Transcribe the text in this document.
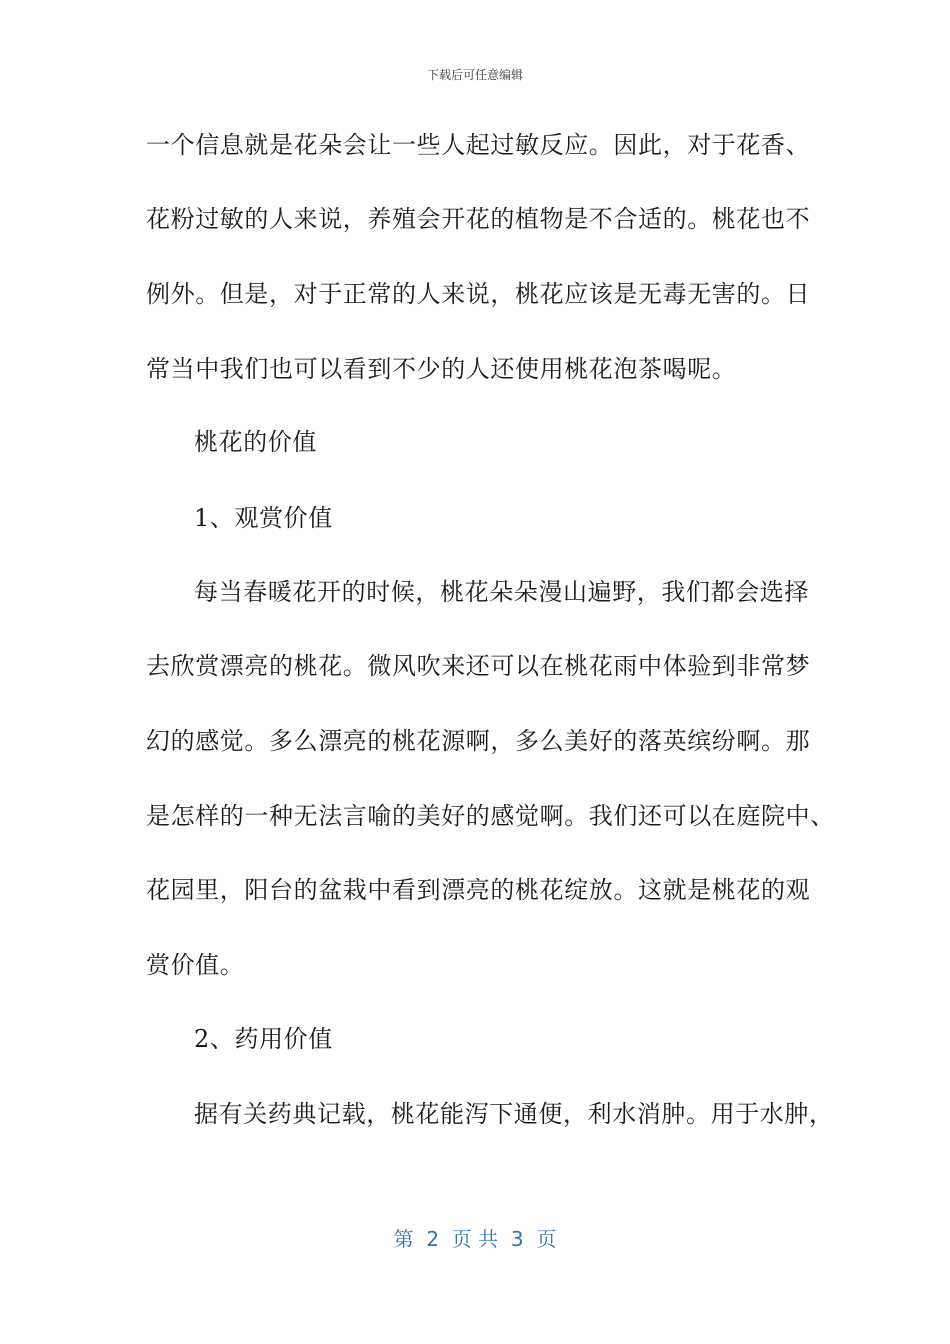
下载后可任意编辑
一个信息就是花朵会让一些人起过敏反应。因此，对于花香、
花粉过敏的人来说，养殖会开花的植物是不合适的。桃花也不
例外。但是，对于正常的人来说，桃花应该是无毒无害的。日
常当中我们也可以看到不少的人还使用桃花泡茶喝呢。
桃花的价值
1、观赏价值
每当春暖花开的时候，桃花朵朵漫山遍野，我们都会选择
去欣赏漂亮的桃花。微风吹来还可以在桃花雨中体验到非常梦
幻的感觉。多么漂亮的桃花源啊，多么美好的落英缤纷啊。那
是怎样的一种无法言喻的美好的感觉啊。我们还可以在庭院中、
花园里，阳台的盆栽中看到漂亮的桃花绽放。这就是桃花的观
赏价值。
2、药用价值
据有关药典记载，桃花能泻下通便，利水消肿。用于水肿，
第  2  页 共  3  页
